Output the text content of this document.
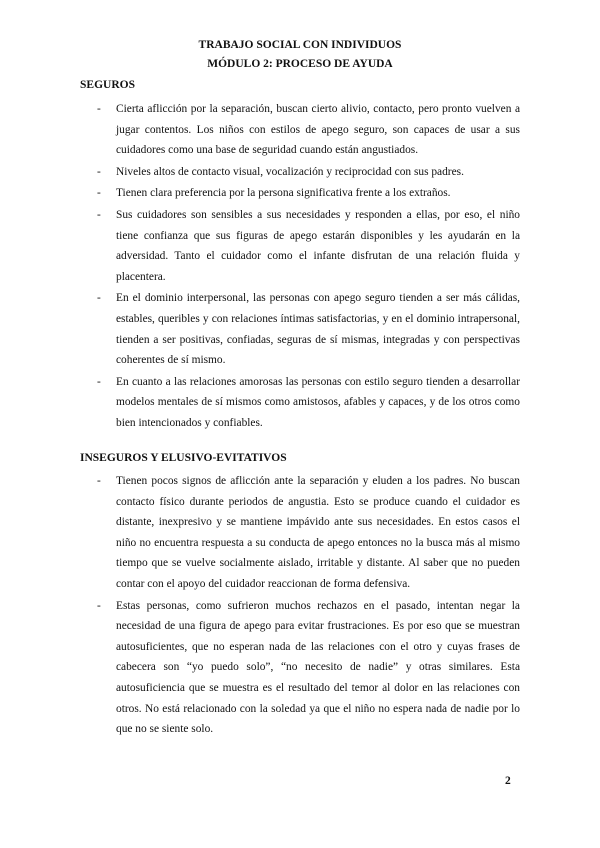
TRABAJO SOCIAL CON INDIVIDUOS
MÓDULO 2: PROCESO DE AYUDA
SEGUROS
- Cierta aflicción por la separación, buscan cierto alivio, contacto, pero pronto vuelven a jugar contentos. Los niños con estilos de apego seguro, son capaces de usar a sus cuidadores como una base de seguridad cuando están angustiados.
- Niveles altos de contacto visual, vocalización y reciprocidad con sus padres.
- Tienen clara preferencia por la persona significativa frente a los extraños.
- Sus cuidadores son sensibles a sus necesidades y responden a ellas, por eso, el niño tiene confianza que sus figuras de apego estarán disponibles y les ayudarán en la adversidad. Tanto el cuidador como el infante disfrutan de una relación fluida y placentera.
- En el dominio interpersonal, las personas con apego seguro tienden a ser más cálidas, estables, queribles y con relaciones íntimas satisfactorias, y en el dominio intrapersonal, tienden a ser positivas, confiadas, seguras de sí mismas, integradas y con perspectivas coherentes de sí mismo.
- En cuanto a las relaciones amorosas las personas con estilo seguro tienden a desarrollar modelos mentales de sí mismos como amistosos, afables y capaces, y de los otros como bien intencionados y confiables.
INSEGUROS Y ELUSIVO-EVITATIVOS
- Tienen pocos signos de aflicción ante la separación y eluden a los padres. No buscan contacto físico durante periodos de angustia. Esto se produce cuando el cuidador es distante, inexpresivo y se mantiene impávido ante sus necesidades. En estos casos el niño no encuentra respuesta a su conducta de apego entonces no la busca más al mismo tiempo que se vuelve socialmente aislado, irritable y distante. Al saber que no pueden contar con el apoyo del cuidador reaccionan de forma defensiva.
- Estas personas, como sufrieron muchos rechazos en el pasado, intentan negar la necesidad de una figura de apego para evitar frustraciones. Es por eso que se muestran autosuficientes, que no esperan nada de las relaciones con el otro y cuyas frases de cabecera son “yo puedo solo”, “no necesito de nadie” y otras similares. Esta autosuficiencia que se muestra es el resultado del temor al dolor en las relaciones con otros. No está relacionado con la soledad ya que el niño no espera nada de nadie por lo que no se siente solo.
2
